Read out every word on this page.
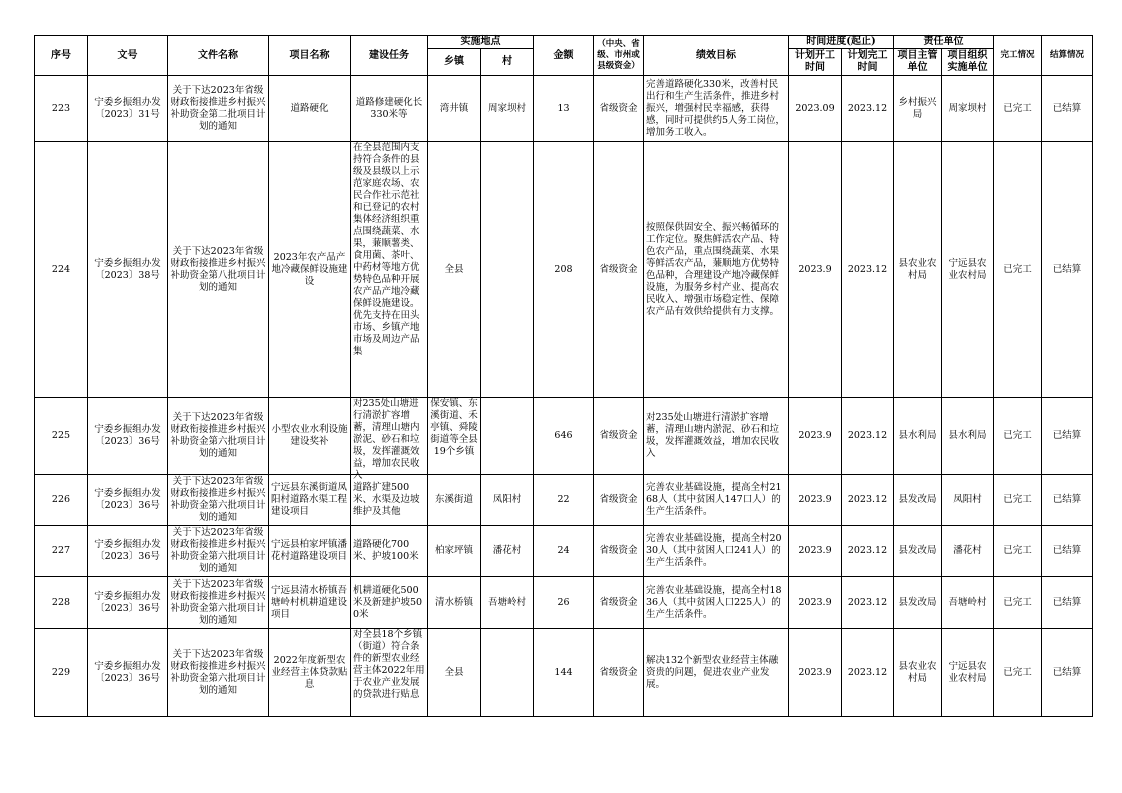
序号	文号	文件名称	项目名称	建设任务	实施地点		金额	（中央、省级、市州或县级资金）	绩效目标	时间进度(起止)		责任单位		完工情况	结算情况
					乡镇	村				计划开工时间	计划完工时间	项目主管单位	项目组织实施单位		

223	宁委乡振组办发〔2023〕31号	关于下达2023年省级财政衔接推进乡村振兴补助资金第二批项目计划的通知	道路硬化	道路修建硬化长330米等	湾井镇	周家坝村	13	省级资金	完善道路硬化330米，改善村民出行和生产生活条件，推进乡村振兴，增强村民幸福感，获得感，同时可提供约5人务工岗位，增加务工收入。	2023.09	2023.12	乡村振兴局	周家坝村	已完工	已结算
224	宁委乡振组办发〔2023〕38号	关于下达2023年省级财政衔接推进乡村振兴补助资金第八批项目计划的通知	2023年农产品产地冷藏保鲜设施建设	在全县范围内支持符合条件的县级及县级以上示范家庭农场、农民合作社示范社 和已登记的农村集体经济组织重点围绕蔬菜、水果，蒹顺薯类、食用菌、茶叶、中药材等地方优势特色品种开展农产品产地冷藏保鲜设施建设。 优先支持在田头市场、乡镇产地市场及周边产品集	全县		208	省级资金	按照保供固安全、振兴畅循环的工作定位。聚焦鲜活农产品、特色农产品，重点围绕蔬菜、水果等鲜活农产品，蒹顺地方优势特色品种，合理建设产地冷藏保鲜设施，为服务乡村产业、提高农民收入、增强市场稳定性、保障农产品有效供给提供有力支撑。	2023.9	2023.12	县农业农村局	宁远县农业农村局	已完工	已结算
225	宁委乡振组办发〔2023〕36号	关于下达2023年省级财政衔接推进乡村振兴补助资金第六批项目计划的通知	小型农业水利设施建设奖补	对235处山塘进行清淤扩容增蓄，清理山塘内淤泥、砂石和垃圾，发挥灌溉效益，增加农民收入	保安镇、东溪街道、禾亭镇、舜陵街道等全县19个乡镇		646	省级资金	对235处山塘进行清淤扩容增蓄，清理山塘内淤泥、砂石和垃圾，发挥灌溉效益，增加农民收入	2023.9	2023.12	县水利局	县水利局	已完工	已结算
226	宁委乡振组办发〔2023〕36号	关于下达2023年省级财政衔接推进乡村振兴补助资金第六批项目计划的通知	宁远县东溪街道凤阳村道路水渠工程建设项目	道路扩建500米、水渠及边坡维护及其他	东溪街道	凤阳村	22	省级资金	完善农业基础设施，提高全村2168人（其中贫困人147口人）的生产生活条件。	2023.9	2023.12	县发改局	凤阳村	已完工	已结算
227	宁委乡振组办发〔2023〕36号	关于下达2023年省级财政衔接推进乡村振兴补助资金第六批项目计划的通知	宁远县柏家坪镇潘花村道路建设项目	道路硬化700米、护坡100米	柏家坪镇	潘花村	24	省级资金	完善农业基础设施，提高全村2030人（其中贫困人口241人）的生产生活条件。	2023.9	2023.12	县发改局	潘花村	已完工	已结算
228	宁委乡振组办发〔2023〕36号	关于下达2023年省级财政衔接推进乡村振兴补助资金第六批项目计划的通知	宁远县清水桥镇吾塘岭村机耕道建设项目	机耕道硬化500米及新建护坡500米	清水桥镇	吾塘岭村	26	省级资金	完善农业基础设施，提高全村1836人（其中贫困人口225人）的生产生活条件。	2023.9	2023.12	县发改局	吾塘岭村	已完工	已结算
229	宁委乡振组办发〔2023〕36号	关于下达2023年省级财政衔接推进乡村振兴补助资金第六批项目计划的通知	2022年度新型农业经营主体贷款贴息	对全县18个乡镇（街道）符合条件的新型农业经营主体2022年用于农业产业发展的贷款进行贴息	全县		144	省级资金	解决132个新型农业经营主体融资贵的问题，促进农业产业发展。	2023.9	2023.12	县农业农村局	宁远县农业农村局	已完工	已结算
